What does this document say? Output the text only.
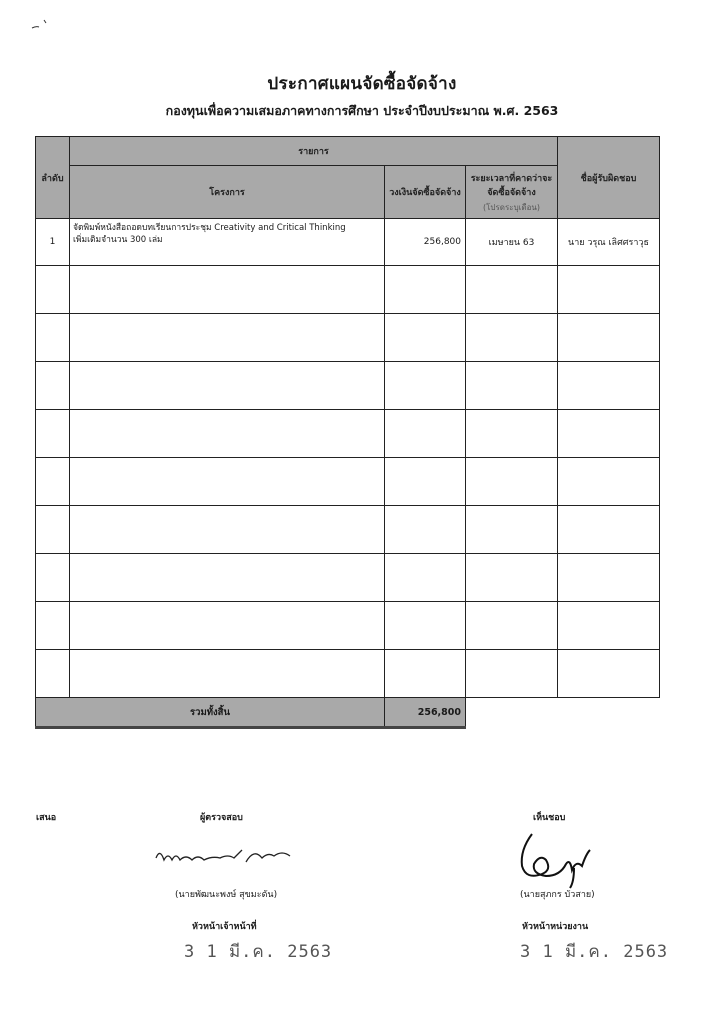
ประกาศแผนจัดซื้อจัดจ้าง
กองทุนเพื่อความเสมอภาคทางการศึกษา ประจำปีงบประมาณ พ.ศ. 2563
ลำดับ	รายการ			ชื่อผู้รับผิดชอบ
	โครงการ	วงเงินจัดซื้อจัดจ้าง	ระยะเวลาที่คาดว่าจะ
จัดซื้อจัดจ้าง
(โปรดระบุเดือน)	

1	จัดพิมพ์หนังสือถอดบทเรียนการประชุม Creativity and Critical Thinking
เพิ่มเติมจำนวน 300 เล่ม	256,800	เมษายน 63	นาย วรุณ เลิศศราวุธ

รวมทั้งสิ้น		256,800		
เสนอ	ผู้ตรวจสอบ
(นายพัฒนะพงษ์ สุขมะดัน)
หัวหน้าเจ้าหน้าที่
3 1 มี.ค. 2563
เห็นชอบ
(นายสุภกร บัวสาย)
หัวหน้าหน่วยงาน
3 1 มี.ค. 2563
